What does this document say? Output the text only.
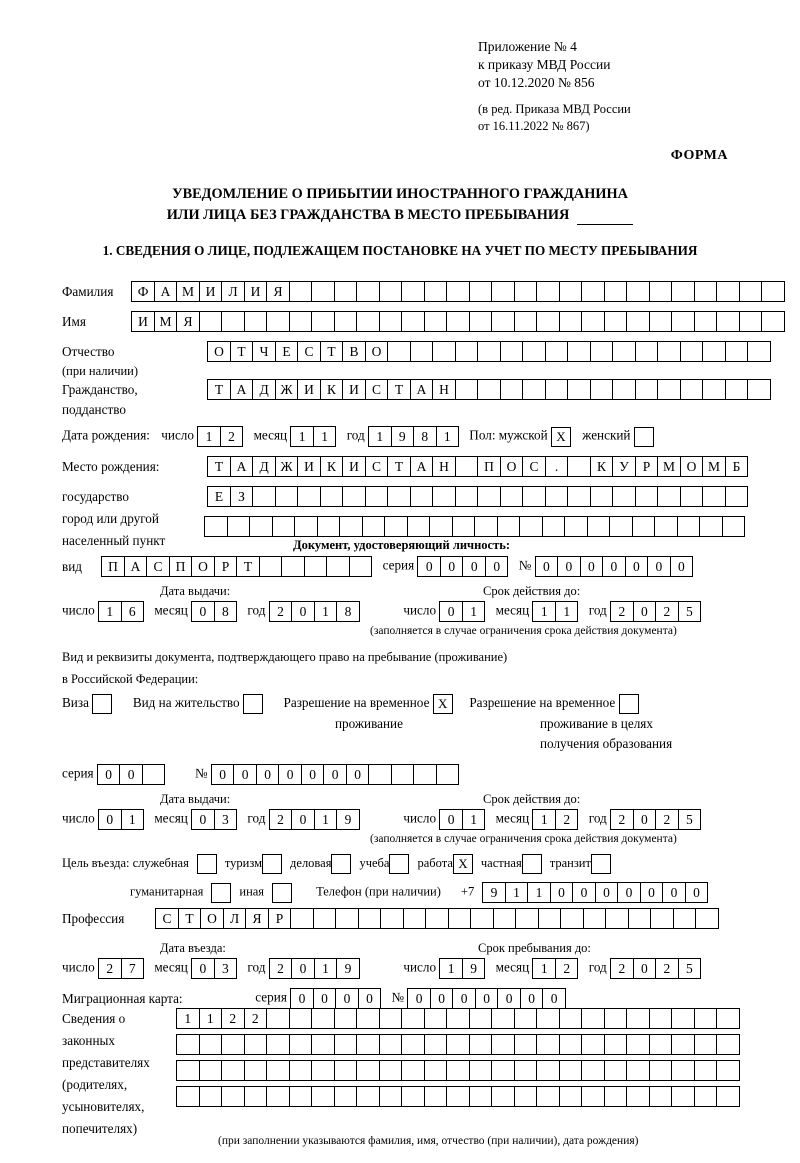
Приложение № 4
к приказу МВД России
от 10.12.2020 № 856
(в ред. Приказа МВД России
от 16.11.2022 № 867)
ФОРМА
УВЕДОМЛЕНИЕ О ПРИБЫТИИ ИНОСТРАННОГО ГРАЖДАНИНА
ИЛИ ЛИЦА БЕЗ ГРАЖДАНСТВА В МЕСТО ПРЕБЫВАНИЯ
1. СВЕДЕНИЯ О ЛИЦЕ, ПОДЛЕЖАЩЕМ ПОСТАНОВКЕ НА УЧЕТ ПО МЕСТУ ПРЕБЫВАНИЯ
Фамилия Ф А М И Л И Я
Имя	И М Я
Отчество	О Т Ч Е С Т В О
(при наличии)
Гражданство,	Т А Д Ж И К И С Т А Н
подданство
Дата рождения: число 1 2 месяц 1 1 год 1 9 8 1 Пол: мужской X женский
Место рождения:	Т А Д Ж И К И С Т А Н	П О С .	К У Р М О М Б
государство	Е З
город или другой
населенный пункт	Документ, удостоверяющий личность:
вид П А С П О Р Т	серия 0 0 0 0 № 0 0 0 0 0 0 0
Дата выдачи:	Срок действия до:
число 1 6 месяц 0 8 год 2 0 1 8	число 0 1 месяц 1 1 год 2 0 2 5
(заполняется в случае ограничения срока действия документа)
Вид и реквизиты документа, подтверждающего право на пребывание (проживание)
в Российской Федерации:
Виза	Вид на жительство	Разрешение на временное X Разрешение на временное
проживание	проживание в целях
получения образования
серия 0 0	№ 0 0 0 0 0 0 0
Дата выдачи:	Срок действия до:
число 0 1 месяц 0 3 год 2 0 1 9	число 0 1 месяц 1 2 год 2 0 2 5
(заполняется в случае ограничения срока действия документа)
Цель въезда: служебная	туризм деловая учеба работа X частная транзит
гуманитарная	иная	Телефон (при наличии) +7 9 1 1 0 0 0 0 0 0 0
Профессия	С Т О Л Я Р
Дата въезда:	Срок пребывания до:
число 2 7 месяц 0 3 год 2 0 1 9	число 1 9 месяц 1 2 год 2 0 2 5
Миграционная карта:	серия 0 0 0 0 № 0 0 0 0 0 0 0
Сведения о
законных
представителях
(родителях,
усыновителях,
попечителях)
1 1 2 2
(при заполнении указываются фамилия, имя, отчество (при наличии), дата рождения)
